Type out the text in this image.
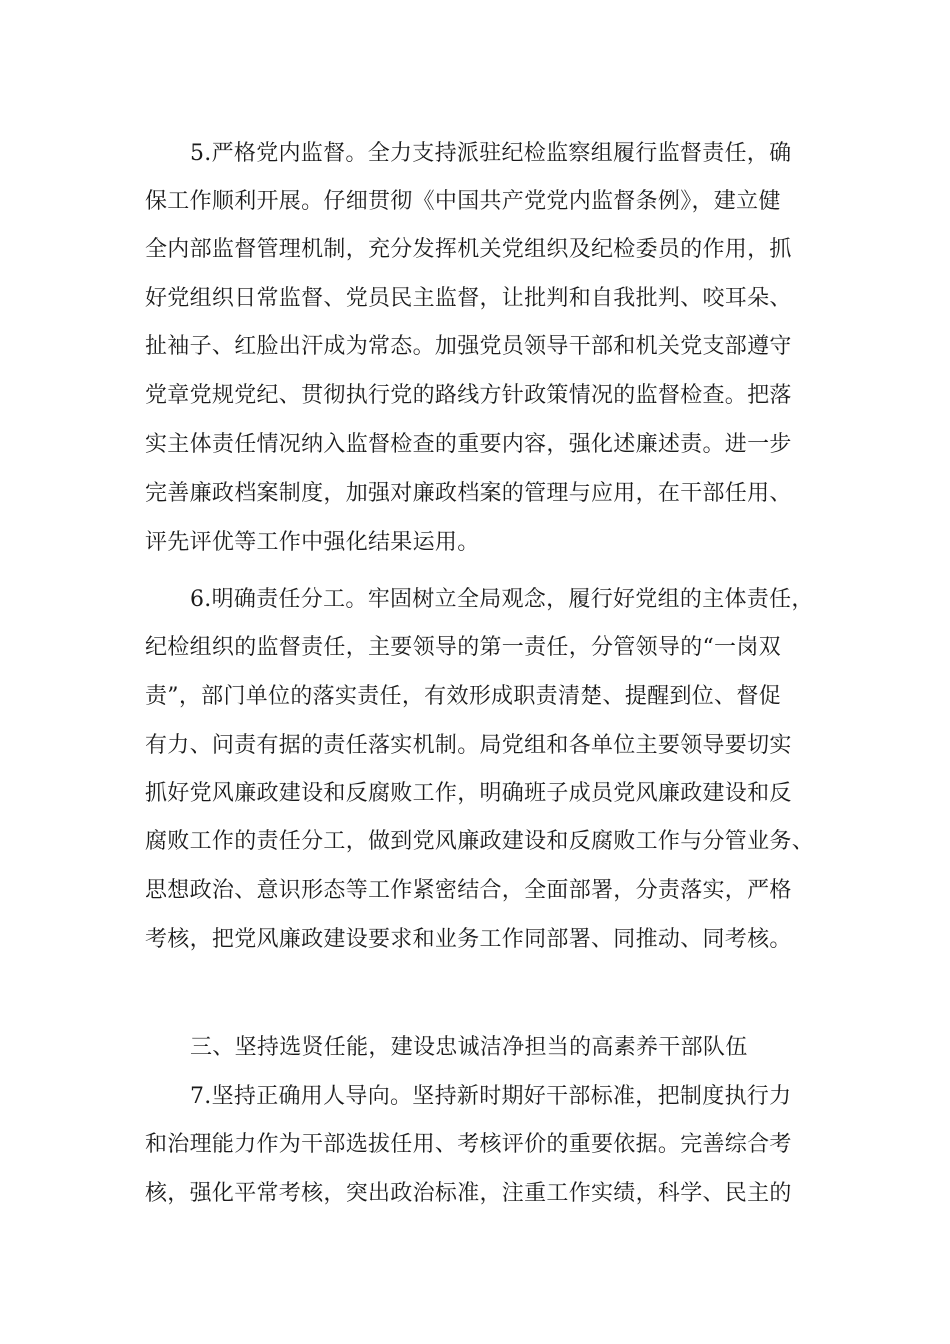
5.严格党内监督。全力支持派驻纪检监察组履行监督责任，确

保工作顺利开展。仔细贯彻《中国共产党党内监督条例》，建立健

全内部监督管理机制，充分发挥机关党组织及纪检委员的作用，抓

好党组织日常监督、党员民主监督，让批判和自我批判、咬耳朵、

扯袖子、红脸出汗成为常态。加强党员领导干部和机关党支部遵守

党章党规党纪、贯彻执行党的路线方针政策情况的监督检查。把落

实主体责任情况纳入监督检查的重要内容，强化述廉述责。进一步

完善廉政档案制度，加强对廉政档案的管理与应用，在干部任用、

评先评优等工作中强化结果运用。

6.明确责任分工。牢固树立全局观念，履行好党组的主体责任，

纪检组织的监督责任，主要领导的第一责任，分管领导的“一岗双

责”，部门单位的落实责任，有效形成职责清楚、提醒到位、督促

有力、问责有据的责任落实机制。局党组和各单位主要领导要切实

抓好党风廉政建设和反腐败工作，明确班子成员党风廉政建设和反

腐败工作的责任分工，做到党风廉政建设和反腐败工作与分管业务、

思想政治、意识形态等工作紧密结合，全面部署，分责落实，严格

考核，把党风廉政建设要求和业务工作同部署、同推动、同考核。

三、坚持选贤任能，建设忠诚洁净担当的高素养干部队伍

7.坚持正确用人导向。坚持新时期好干部标准，把制度执行力

和治理能力作为干部选拔任用、考核评价的重要依据。完善综合考

核，强化平常考核，突出政治标准，注重工作实绩，科学、民主的
